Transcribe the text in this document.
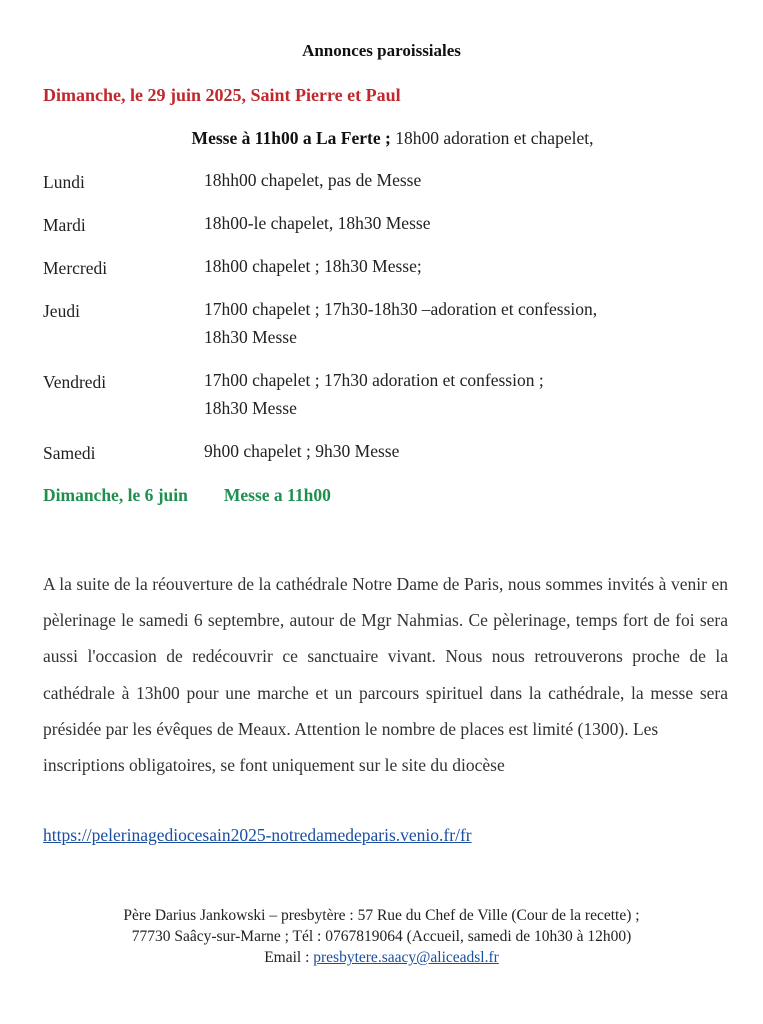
Annonces paroissiales
Dimanche, le 29 juin 2025, Saint Pierre et Paul
Messe à 11h00 a La Ferte ; 18h00 adoration et chapelet,
Lundi	18hh00 chapelet, pas de Messe
Mardi	18h00-le chapelet, 18h30 Messe
Mercredi	18h00 chapelet ; 18h30 Messe;
Jeudi	17h00 chapelet ; 17h30-18h30 –adoration et confession,
18h30 Messe
Vendredi	17h00 chapelet ; 17h30 adoration et confession ;
18h30 Messe
Samedi	9h00 chapelet ; 9h30 Messe
Dimanche, le 6 juin Messe a 11h00
A la suite de la réouverture de la cathédrale Notre Dame de Paris, nous sommes invités à venir en pèlerinage le samedi 6 septembre, autour de Mgr Nahmias. Ce pèlerinage, temps fort de foi sera aussi l'occasion de redécouvrir ce sanctuaire vivant. Nous nous retrouverons proche de la cathédrale à 13h00 pour une marche et un parcours spirituel dans la cathédrale, la messe sera présidée par les évêques de Meaux. Attention le nombre de places est limité (1300). Les
inscriptions obligatoires, se font uniquement sur le site du diocèse
https://pelerinagediocesain2025-notredamedeparis.venio.fr/fr
Père Darius Jankowski – presbytère : 57 Rue du Chef de Ville (Cour de la recette) ;
77730 Saâcy-sur-Marne ; Tél : 0767819064 (Accueil, samedi de 10h30 à 12h00)
Email : presbytere.saacy@aliceadsl.fr
